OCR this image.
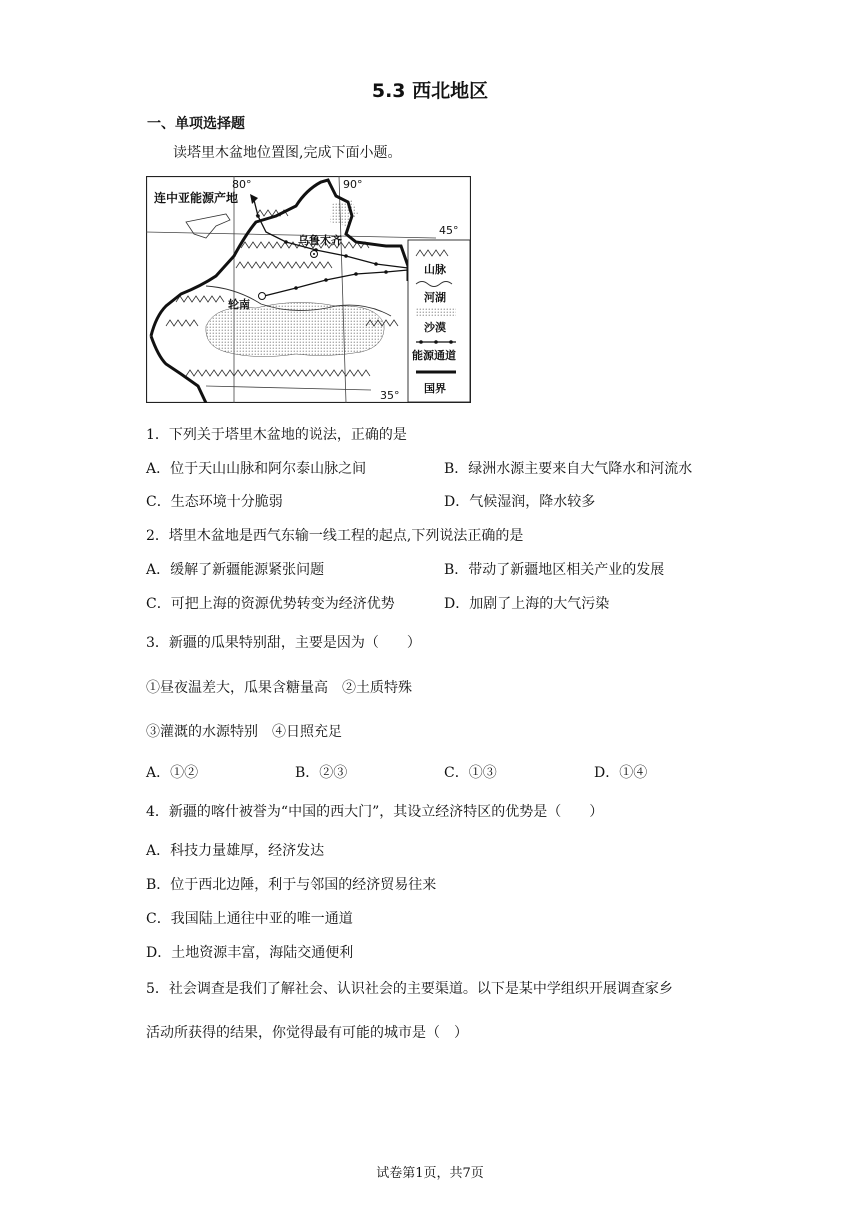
5.3 西北地区
一、单项选择题
读塔里木盆地位置图,完成下面小题。
连中亚能源产地
80°	90°
45°
35°
乌鲁木齐
轮南
山脉
河湖
沙漠
能源通道
国界
1．下列关于塔里木盆地的说法，正确的是
A．位于天山山脉和阿尔泰山脉之间	B．绿洲水源主要来自大气降水和河流水
C．生态环境十分脆弱	D．气候湿润，降水较多
2．塔里木盆地是西气东输一线工程的起点,下列说法正确的是
A．缓解了新疆能源紧张问题	B．带动了新疆地区相关产业的发展
C．可把上海的资源优势转变为经济优势	D．加剧了上海的大气污染
3．新疆的瓜果特别甜，主要是因为（　　）
①昼夜温差大，瓜果含糖量高　②土质特殊
③灌溉的水源特别　④日照充足
A．①②	B．②③	C．①③	D．①④
4．新疆的喀什被誉为“中国的西大门”，其设立经济特区的优势是（　　）
A．科技力量雄厚，经济发达
B．位于西北边陲，利于与邻国的经济贸易往来
C．我国陆上通往中亚的唯一通道
D．土地资源丰富，海陆交通便利
5．社会调查是我们了解社会、认识社会的主要渠道。以下是某中学组织开展调查家乡
活动所获得的结果，你觉得最有可能的城市是（　）
试卷第1页，共7页
